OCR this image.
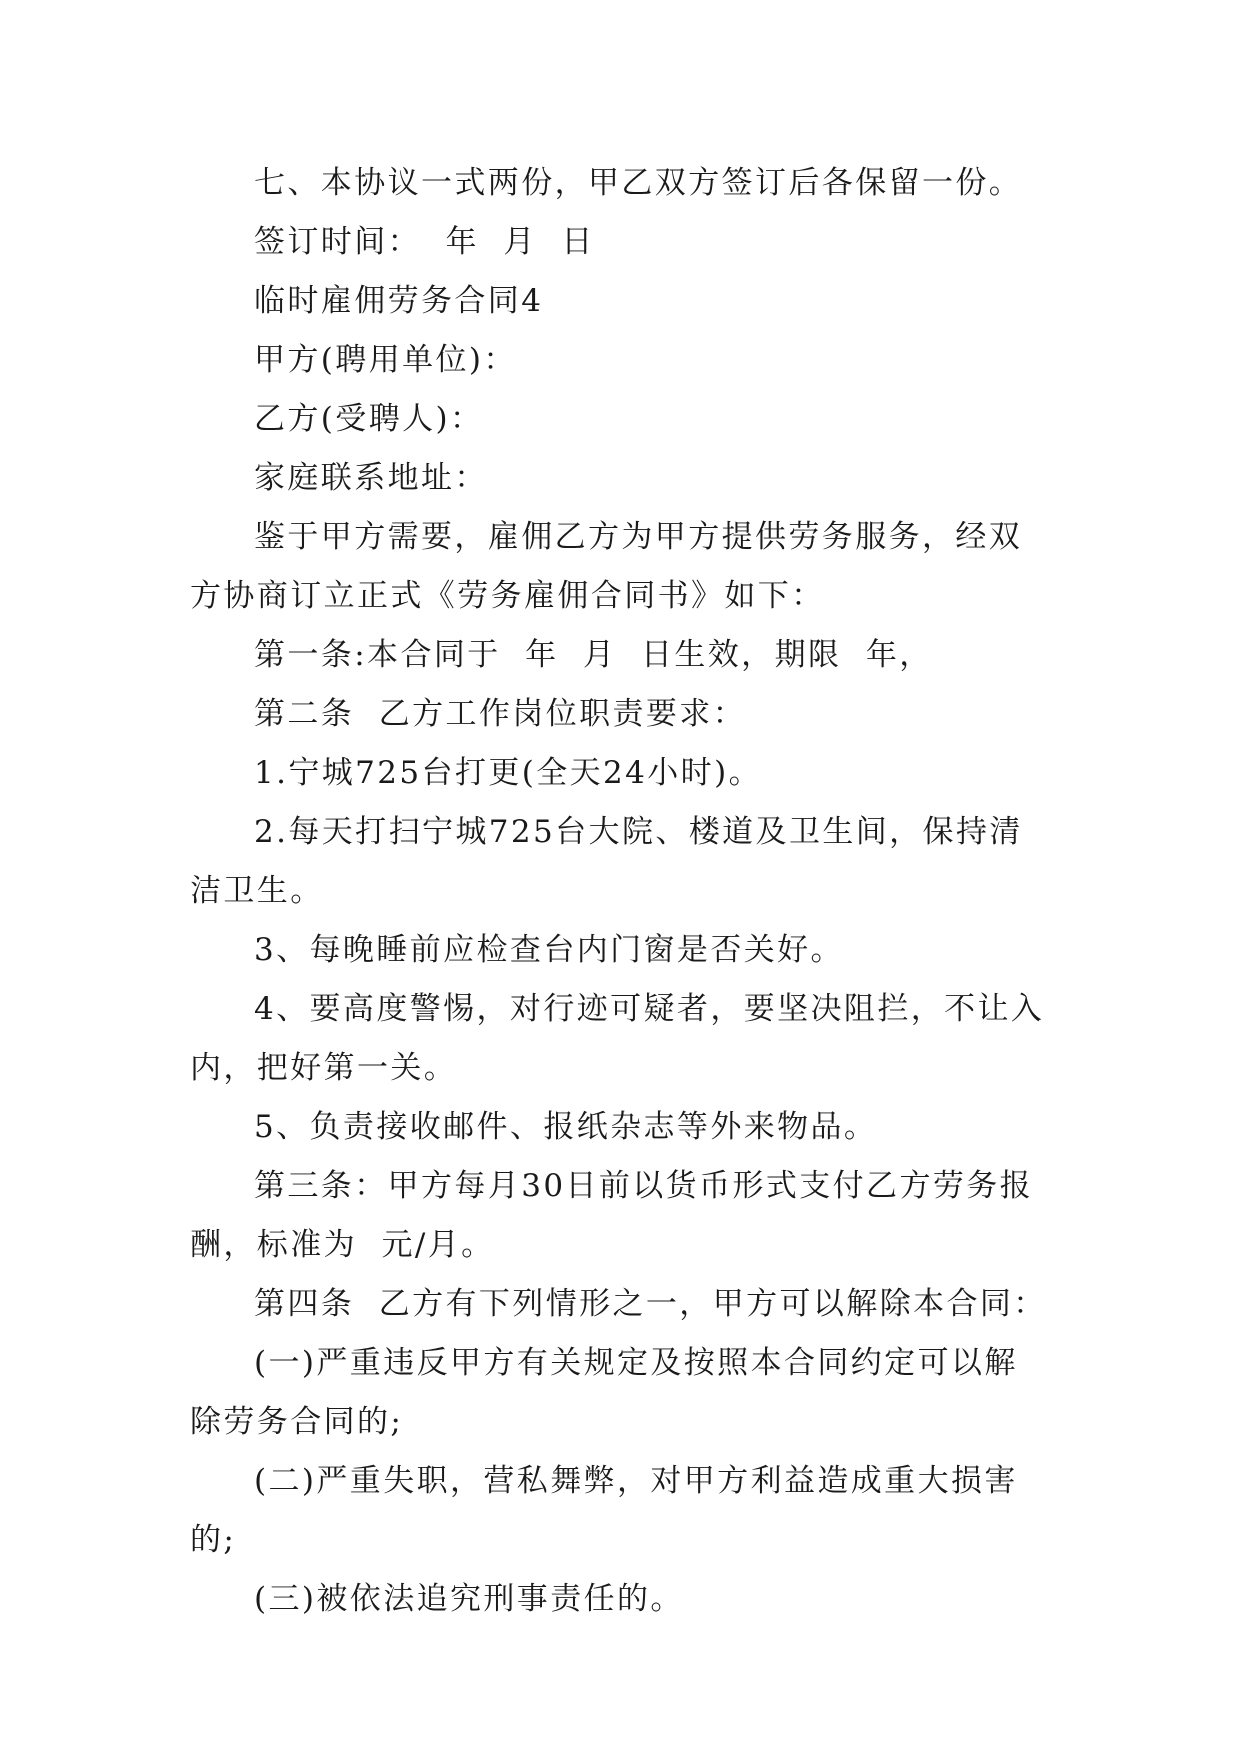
七、本协议一式两份，甲乙双方签订后各保留一份。

签订时间：  年  月  日

临时雇佣劳务合同4

甲方(聘用单位)：

乙方(受聘人)：

家庭联系地址：

鉴于甲方需要，雇佣乙方为甲方提供劳务服务，经双方协商订立正式《劳务雇佣合同书》如下：

第一条:本合同于  年  月  日生效，期限  年，

第二条  乙方工作岗位职责要求：

1.宁城725台打更(全天24小时)。

2.每天打扫宁城725台大院、楼道及卫生间，保持清洁卫生。

3、每晚睡前应检查台内门窗是否关好。

4、要高度警惕，对行迹可疑者，要坚决阻拦，不让入内，把好第一关。

5、负责接收邮件、报纸杂志等外来物品。

第三条：甲方每月30日前以货币形式支付乙方劳务报酬，标准为  元/月。

第四条  乙方有下列情形之一，甲方可以解除本合同：

(一)严重违反甲方有关规定及按照本合同约定可以解除劳务合同的;

(二)严重失职，营私舞弊，对甲方利益造成重大损害的;

(三)被依法追究刑事责任的。
